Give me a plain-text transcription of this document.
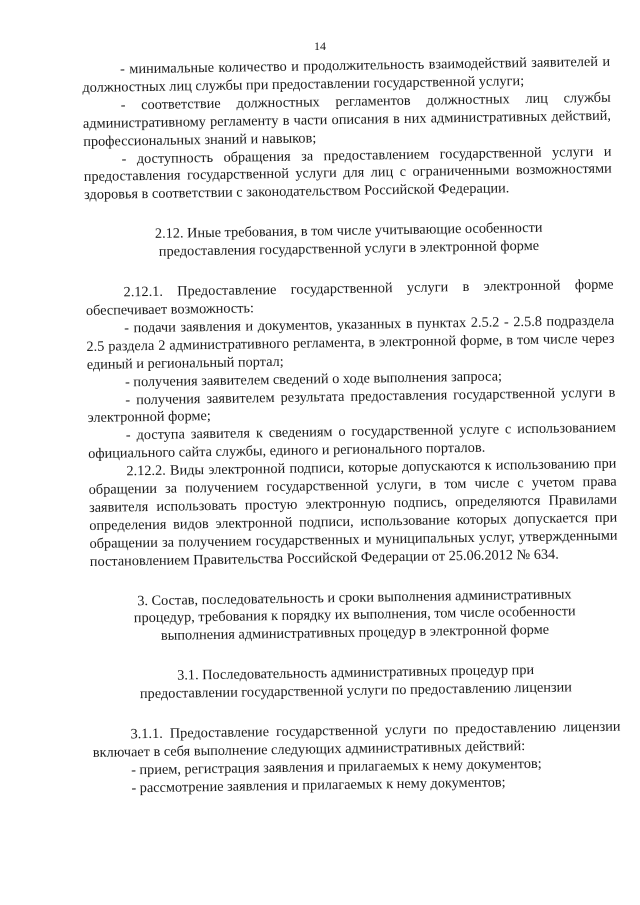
14

- минимальные количество и продолжительность взаимодействий заявителей и должностных лиц службы при предоставлении государственной услуги;

- соответствие должностных регламентов должностных лиц службы административному регламенту в части описания в них административных действий, профессиональных знаний и навыков;

- доступность обращения за предоставлением государственной услуги и предоставления государственной услуги для лиц с ограниченными возможностями здоровья в соответствии с законодательством Российской Федерации.

2.12. Иные требования, в том числе учитывающие особенности предоставления государственной услуги в электронной форме

2.12.1. Предоставление государственной услуги в электронной форме обеспечивает возможность:

- подачи заявления и документов, указанных в пунктах 2.5.2 - 2.5.8 подраздела 2.5 раздела 2 административного регламента, в электронной форме, в том числе через единый и региональный портал;

- получения заявителем сведений о ходе выполнения запроса;

- получения заявителем результата предоставления государственной услуги в электронной форме;

- доступа заявителя к сведениям о государственной услуге с использованием официального сайта службы, единого и регионального порталов.

2.12.2. Виды электронной подписи, которые допускаются к использованию при обращении за получением государственной услуги, в том числе с учетом права заявителя использовать простую электронную подпись, определяются Правилами определения видов электронной подписи, использование которых допускается при обращении за получением государственных и муниципальных услуг, утвержденными постановлением Правительства Российской Федерации от 25.06.2012 № 634.

3. Состав, последовательность и сроки выполнения административных процедур, требования к порядку их выполнения, том числе особенности выполнения административных процедур в электронной форме
3.1. Последовательность административных процедур при предоставлении государственной услуги по предоставлению лицензии

3.1.1. Предоставление государственной услуги по предоставлению лицензии включает в себя выполнение следующих административных действий:

- прием, регистрация заявления и прилагаемых к нему документов;

- рассмотрение заявления и прилагаемых к нему документов;
